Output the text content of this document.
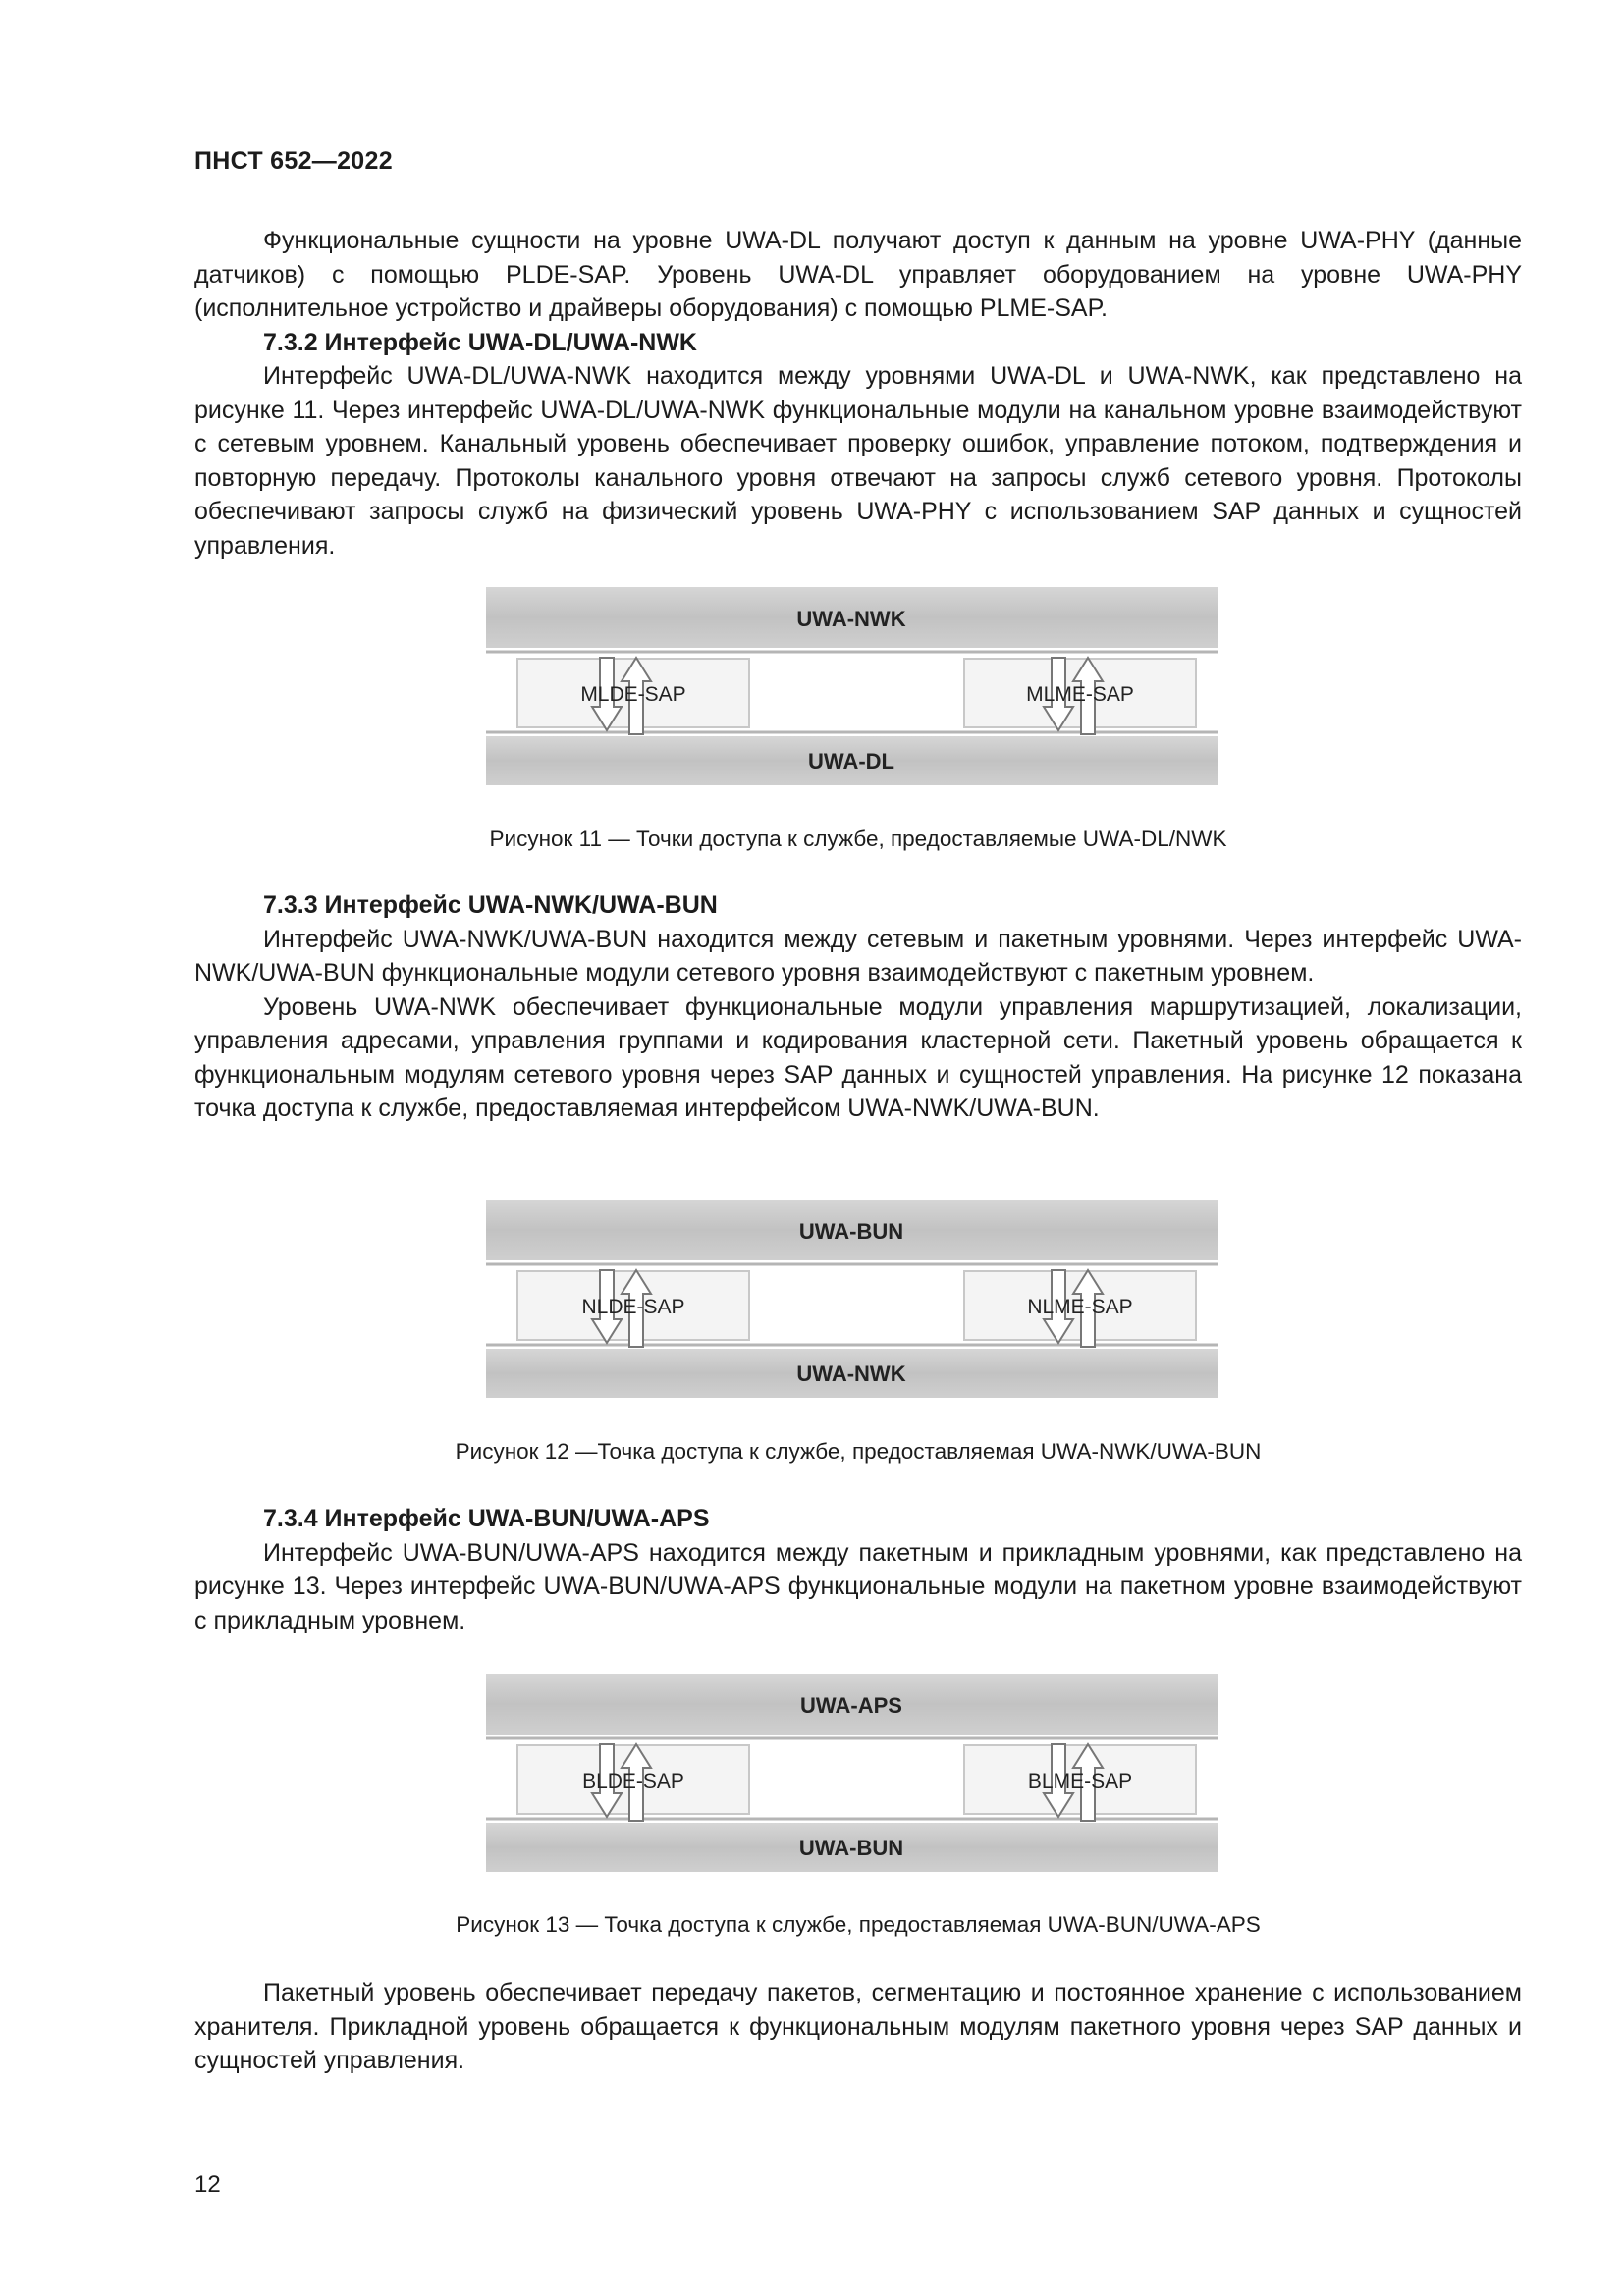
ПНСТ 652—2022

Функциональные сущности на уровне UWA-DL получают доступ к данным на уровне UWA-PHY (данные датчиков) с помощью PLDE-SAP. Уровень UWA-DL управляет оборудованием на уровне UWA-PHY (исполнительное устройство и драйверы оборудования) с помощью PLME-SAP.

7.3.2 Интерфейс UWA-DL/UWA-NWK

Интерфейс UWA-DL/UWA-NWK находится между уровнями UWA-DL и UWA-NWK, как представлено на рисунке 11. Через интерфейс UWA-DL/UWA-NWK функциональные модули на канальном уровне взаимодействуют с сетевым уровнем. Канальный уровень обеспечивает проверку ошибок, управление потоком, подтверждения и повторную передачу. Протоколы канального уровня отвечают на запросы служб сетевого уровня. Протоколы обеспечивают запросы служб на физический уровень UWA-PHY с использованием SAP данных и сущностей управления.

UWA-NWK
MLDE-SAP	MLME-SAP
UWA-DL
Рисунок 11 — Точки доступа к службе, предоставляемые UWA-DL/NWK

7.3.3 Интерфейс UWA-NWK/UWA-BUN

Интерфейс UWA-NWK/UWA-BUN находится между сетевым и пакетным уровнями. Через интерфейс UWA-NWK/UWA-BUN функциональные модули сетевого уровня взаимодействуют с пакетным уровнем.

Уровень UWA-NWK обеспечивает функциональные модули управления маршрутизацией, локализации, управления адресами, управления группами и кодирования кластерной сети. Пакетный уровень обращается к функциональным модулям сетевого уровня через SAP данных и сущностей управления. На рисунке 12 показана точка доступа к службе, предоставляемая интерфейсом UWA-NWK/UWA-BUN.

UWA-BUN
NLDE-SAP	NLME-SAP
UWA-NWK
Рисунок 12 —Точка доступа к службе, предоставляемая UWA-NWK/UWA-BUN

7.3.4 Интерфейс UWA-BUN/UWA-APS

Интерфейс UWA-BUN/UWA-APS находится между пакетным и прикладным уровнями, как представлено на рисунке 13. Через интерфейс UWA-BUN/UWA-APS функциональные модули на пакетном уровне взаимодействуют с прикладным уровнем.

UWA-APS
BLDE-SAP	BLME-SAP
UWA-BUN
Рисунок 13 — Точка доступа к службе, предоставляемая UWA-BUN/UWA-APS

Пакетный уровень обеспечивает передачу пакетов, сегментацию и постоянное хранение с использованием хранителя. Прикладной уровень обращается к функциональным модулям пакетного уровня через SAP данных и сущностей управления.

12
